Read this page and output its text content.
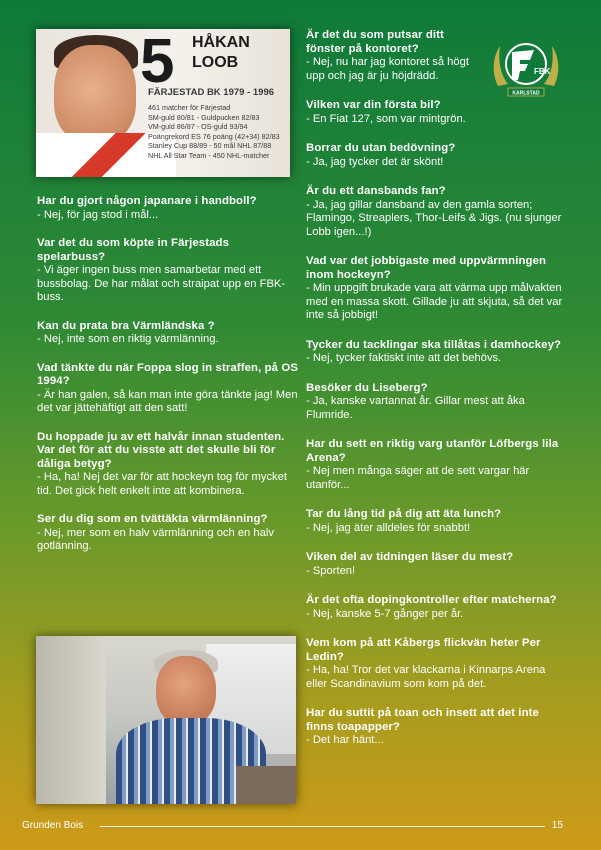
5 HÅKAN
LOOB
FÄRJESTAD BK 1979 - 1996
461 matcher för Färjestad
SM-guld 80/81 - Guldpucken 82/83
VM-guld 86/87 - OS-guld 93/94
Poängrekord ES 76 poäng (42+34) 82/83
Stanley Cup 88/89 - 50 mål NHL 87/88
NHL All Star Team - 450 NHL-matcher
FBK
KARLSTAD
Har du gjort någon japanare i handboll?
- Nej, för jag stod i mål...
Var det du som köpte in Färjestads spelarbuss?
- Vi äger ingen buss men samarbetar med ett bussbolag. De har målat och straipat upp en FBK-buss.
Kan du prata bra Värmländska ?
- Nej, inte som en riktig värmlänning.
Vad tänkte du när Foppa slog in straffen, på OS 1994?
- Är han galen, så kan man inte göra tänkte jag! Men det var jättehäftigt att den satt!
Du hoppade ju av ett halvår innan studenten. Var det för att du visste att det skulle bli för dåliga betyg?
- Ha, ha! Nej det var för att hockeyn tog för mycket tid. Det gick helt enkelt inte att kombinera.
Ser du dig som en tvättäkta värmlänning?
- Nej, mer som en halv värmlänning och en halv gotlänning.
Är det du som putsar ditt fönster på kontoret?
- Nej, nu har jag kontoret så högt upp och jag är ju höjdrädd.
Vilken var din första bil?
- En Fiat 127, som var mintgrön.
Borrar du utan bedövning?
- Ja, jag tycker det är skönt!
Är du ett dansbands fan?
- Ja, jag gillar dansband av den gamla sorten; Flamingo, Streaplers, Thor-Leifs & Jigs. (nu sjunger Lobb igen...!)
Vad var det jobbigaste med uppvärmningen inom hockeyn?
- Min uppgift brukade vara att värma upp målvakten med en massa skott. Gillade ju att skjuta, så det var inte så jobbigt!
Tycker du tacklingar ska tillåtas i damhockey?
- Nej, tycker faktiskt inte att det behövs.
Besöker du Liseberg?
- Ja, kanske vartannat år. Gillar mest att åka Flumride.
Har du sett en riktig varg utanför Löfbergs lila Arena?
- Nej men många säger att de sett vargar här utanför...
Tar du lång tid på dig att äta lunch?
- Nej, jag äter alldeles för snabbt!
Viken del av tidningen läser du mest?
- Sporten!
Är det ofta dopingkontroller efter matcherna?
- Nej, kanske 5-7 gånger per år.
Vem kom på att Kåbergs flickvän heter Per Ledin?
- Ha, ha! Tror det var klackarna i Kinnarps Arena eller Scandinavium som kom på det.
Har du suttit på toan och insett att det inte finns toapapper?
- Det har hänt...
Grunden Bois	15
